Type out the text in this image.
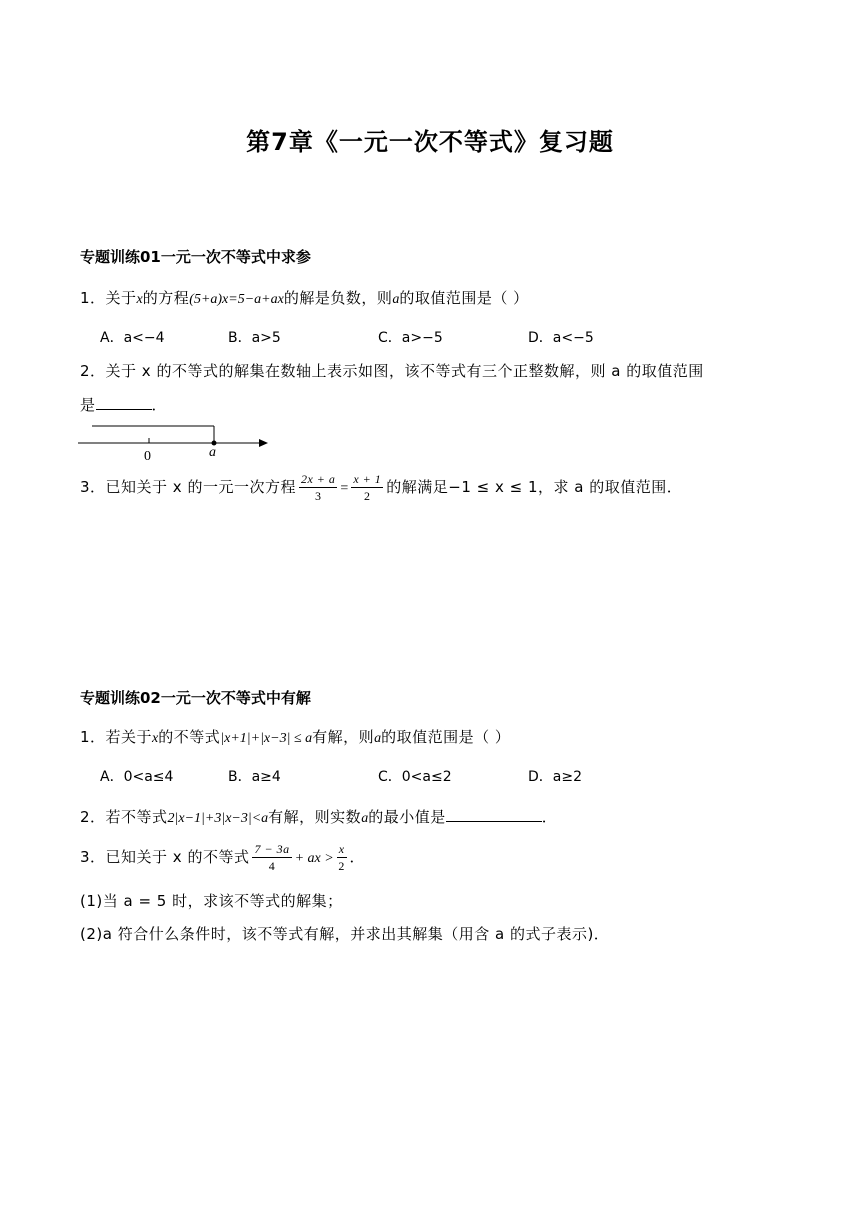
第7章《一元一次不等式》复习题
专题训练01一元一次不等式中求参
1．关于x的方程(5+a)x=5−a+ax的解是负数，则a的取值范围是（ ）
A．a<−4	B．a>5	C．a>−5	D．a<−5
2．关于 x 的不等式的解集在数轴上表示如图，该不等式有三个正整数解，则 a 的取值范围
是	．
0	a
3．已知关于 x 的一元一次方程 $\frac{2x + a}{3} = \frac{x + 1}{2}$ 的解满足−1 ≤ x ≤ 1，求 a 的取值范围．
专题训练02一元一次不等式中有解
1．若关于x的不等式|x+1|+|x−3| ≤ a有解，则a的取值范围是（ ）
A．0<a≤4	B．a≥4	C．0<a≤2	D．a≥2
2．若不等式2|x−1|+3|x−3|<a有解，则实数a的最小值是	．
3．已知关于 x 的不等式 $\frac{7 - 3a}{4}$ + ax > $\frac{x}{2}$ ．
(1)当 a = 5 时，求该不等式的解集；
(2)a 符合什么条件时，该不等式有解，并求出其解集（用含 a 的式子表示)．
